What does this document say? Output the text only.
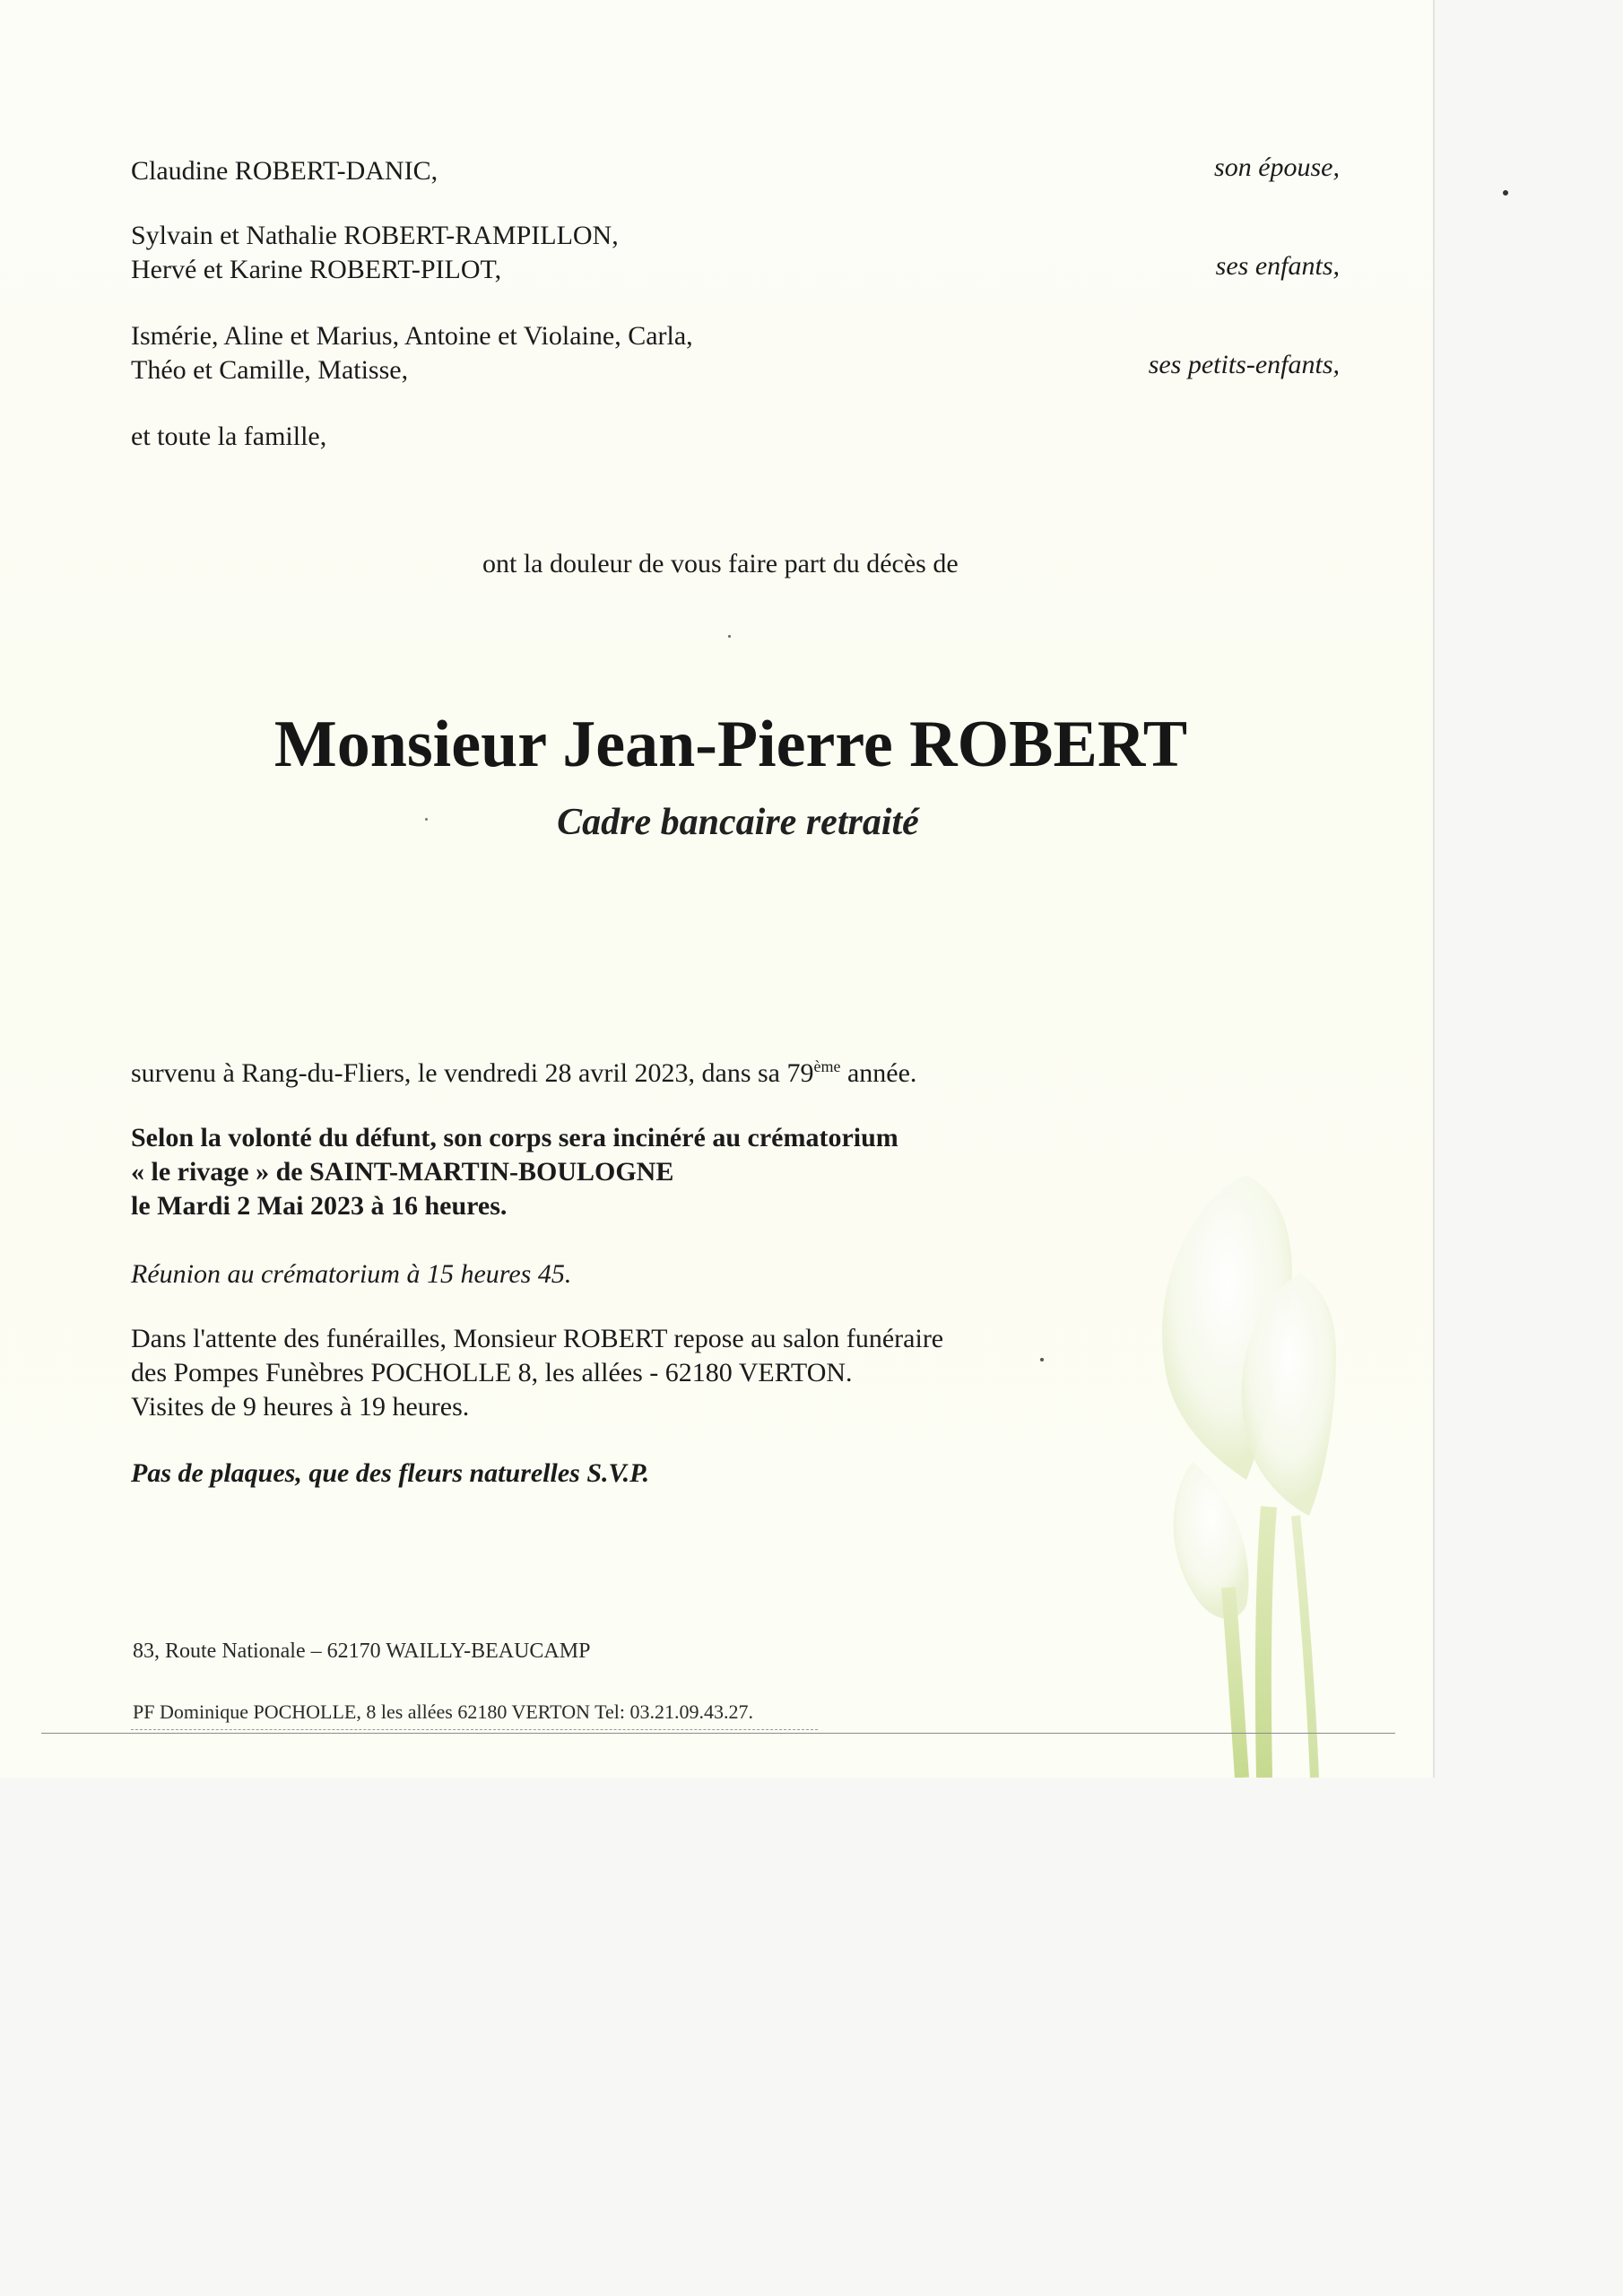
Claudine ROBERT-DANIC,	son épouse,
Sylvain et Nathalie ROBERT-RAMPILLON,
Hervé et Karine ROBERT-PILOT,	ses enfants,
Ismérie, Aline et Marius, Antoine et Violaine, Carla,
Théo et Camille, Matisse,	ses petits-enfants,
et toute la famille,
ont la douleur de vous faire part du décès de
Monsieur Jean-Pierre ROBERT
Cadre bancaire retraité
survenu à Rang-du-Fliers, le vendredi 28 avril 2023, dans sa 79ème année.
Selon la volonté du défunt, son corps sera incinéré au crématorium
« le rivage » de SAINT-MARTIN-BOULOGNE
le Mardi 2 Mai 2023 à 16 heures.
Réunion au crématorium à 15 heures 45.
Dans l'attente des funérailles, Monsieur ROBERT repose au salon funéraire
des Pompes Funèbres POCHOLLE 8, les allées - 62180 VERTON.
Visites de 9 heures à 19 heures.
Pas de plaques, que des fleurs naturelles S.V.P.
83, Route Nationale – 62170 WAILLY-BEAUCAMP
PF Dominique POCHOLLE, 8 les allées 62180 VERTON Tel: 03.21.09.43.27.
